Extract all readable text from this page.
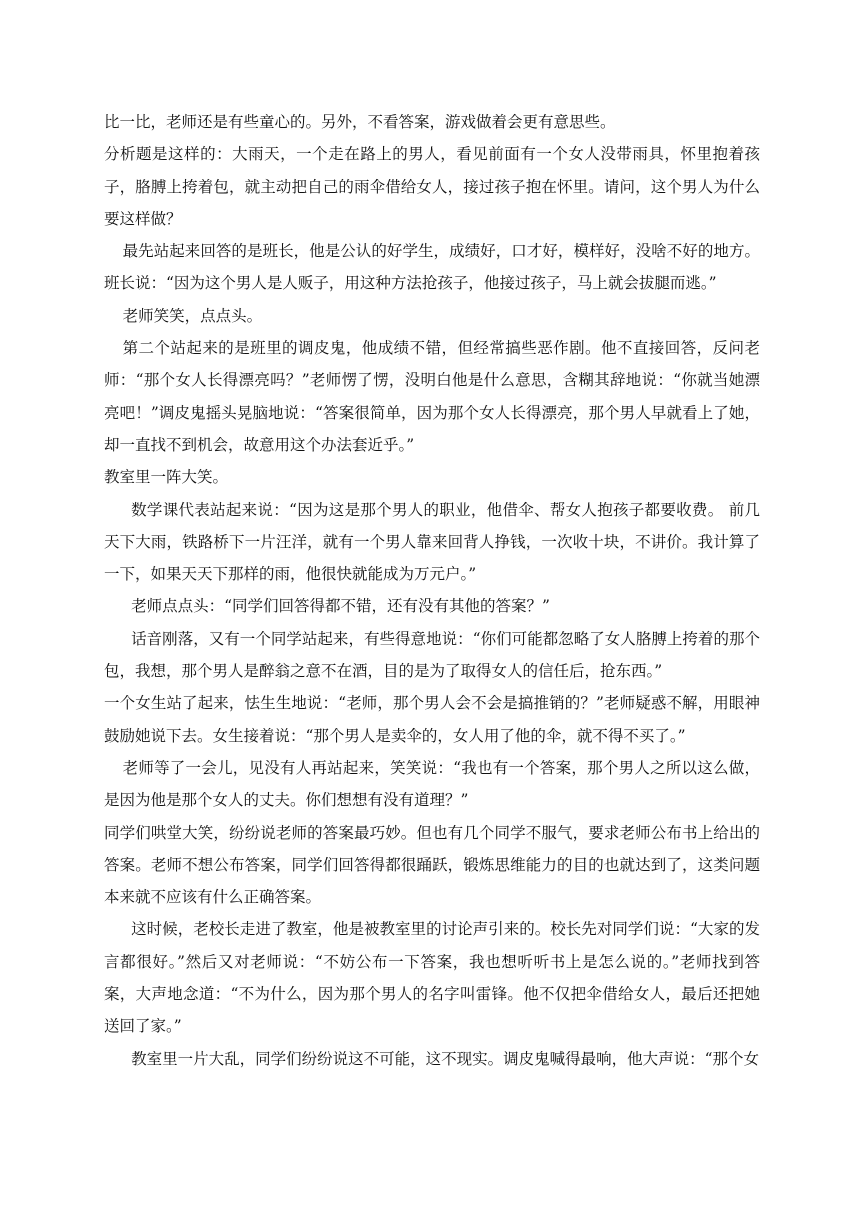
比一比，老师还是有些童心的。另外，不看答案，游戏做着会更有意思些。

分析题是这样的：大雨天，一个走在路上的男人，看见前面有一个女人没带雨具，怀里抱着孩子，胳膊上挎着包，就主动把自己的雨伞借给女人，接过孩子抱在怀里。请问，这个男人为什么要这样做？

最先站起来回答的是班长，他是公认的好学生，成绩好，口才好，模样好，没啥不好的地方。班长说：“因为这个男人是人贩子，用这种方法抢孩子，他接过孩子，马上就会拔腿而逃。”

老师笑笑，点点头。

第二个站起来的是班里的调皮鬼，他成绩不错，但经常搞些恶作剧。他不直接回答，反问老师：“那个女人长得漂亮吗？”老师愣了愣，没明白他是什么意思，含糊其辞地说：“你就当她漂亮吧！”调皮鬼摇头晃脑地说：“答案很简单，因为那个女人长得漂亮，那个男人早就看上了她，却一直找不到机会，故意用这个办法套近乎。”

教室里一阵大笑。

数学课代表站起来说：“因为这是那个男人的职业，他借伞、帮女人抱孩子都要收费。 前几天下大雨，铁路桥下一片汪洋，就有一个男人靠来回背人挣钱，一次收十块，不讲价。我计算了一下，如果天天下那样的雨，他很快就能成为万元户。”

老师点点头：“同学们回答得都不错，还有没有其他的答案？”

话音刚落，又有一个同学站起来，有些得意地说：“你们可能都忽略了女人胳膊上挎着的那个包，我想，那个男人是醉翁之意不在酒，目的是为了取得女人的信任后，抢东西。”

一个女生站了起来，怯生生地说：“老师，那个男人会不会是搞推销的？”老师疑惑不解，用眼神鼓励她说下去。女生接着说：“那个男人是卖伞的，女人用了他的伞，就不得不买了。”

老师等了一会儿，见没有人再站起来，笑笑说：“我也有一个答案，那个男人之所以这么做，是因为他是那个女人的丈夫。你们想想有没有道理？”

同学们哄堂大笑，纷纷说老师的答案最巧妙。但也有几个同学不服气，要求老师公布书上给出的答案。老师不想公布答案，同学们回答得都很踊跃，锻炼思维能力的目的也就达到了，这类问题本来就不应该有什么正确答案。

这时候，老校长走进了教室，他是被教室里的讨论声引来的。校长先对同学们说：“大家的发言都很好。”然后又对老师说：“不妨公布一下答案，我也想听听书上是怎么说的。”老师找到答案，大声地念道：“不为什么，因为那个男人的名字叫雷锋。他不仅把伞借给女人，最后还把她送回了家。”

教室里一片大乱，同学们纷纷说这不可能，这不现实。调皮鬼喊得最响，他大声说：“那个女
